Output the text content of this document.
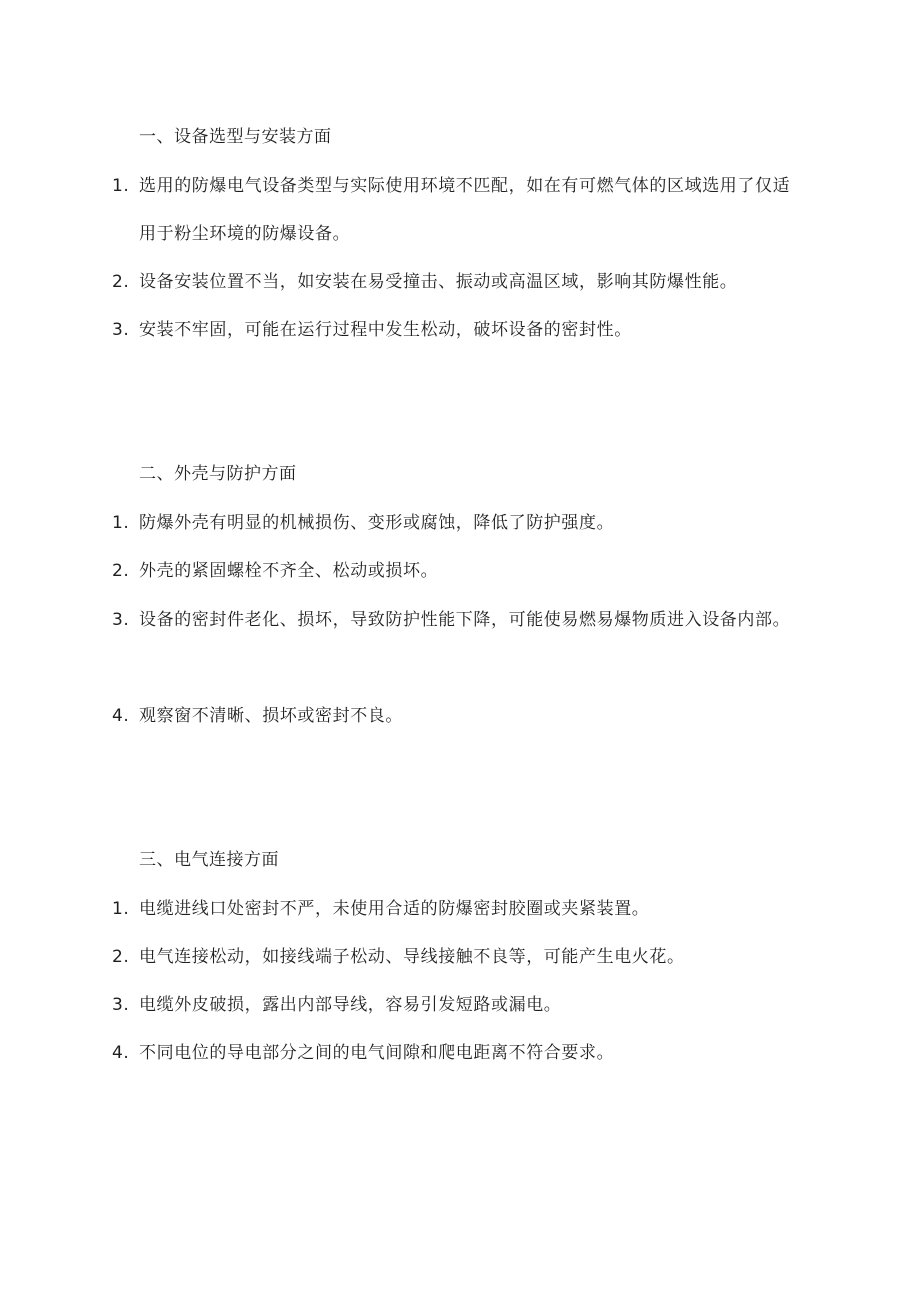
一、设备选型与安装方面
1. 选用的防爆电气设备类型与实际使用环境不匹配，如在有可燃气体的区域选用了仅适用于粉尘环境的防爆设备。
2. 设备安装位置不当，如安装在易受撞击、振动或高温区域，影响其防爆性能。
3. 安装不牢固，可能在运行过程中发生松动，破坏设备的密封性。
二、外壳与防护方面
1. 防爆外壳有明显的机械损伤、变形或腐蚀，降低了防护强度。
2. 外壳的紧固螺栓不齐全、松动或损坏。
3. 设备的密封件老化、损坏，导致防护性能下降，可能使易燃易爆物质进入设备内部。
4. 观察窗不清晰、损坏或密封不良。
三、电气连接方面
1. 电缆进线口处密封不严，未使用合适的防爆密封胶圈或夹紧装置。
2. 电气连接松动，如接线端子松动、导线接触不良等，可能产生电火花。
3. 电缆外皮破损，露出内部导线，容易引发短路或漏电。
4. 不同电位的导电部分之间的电气间隙和爬电距离不符合要求。
